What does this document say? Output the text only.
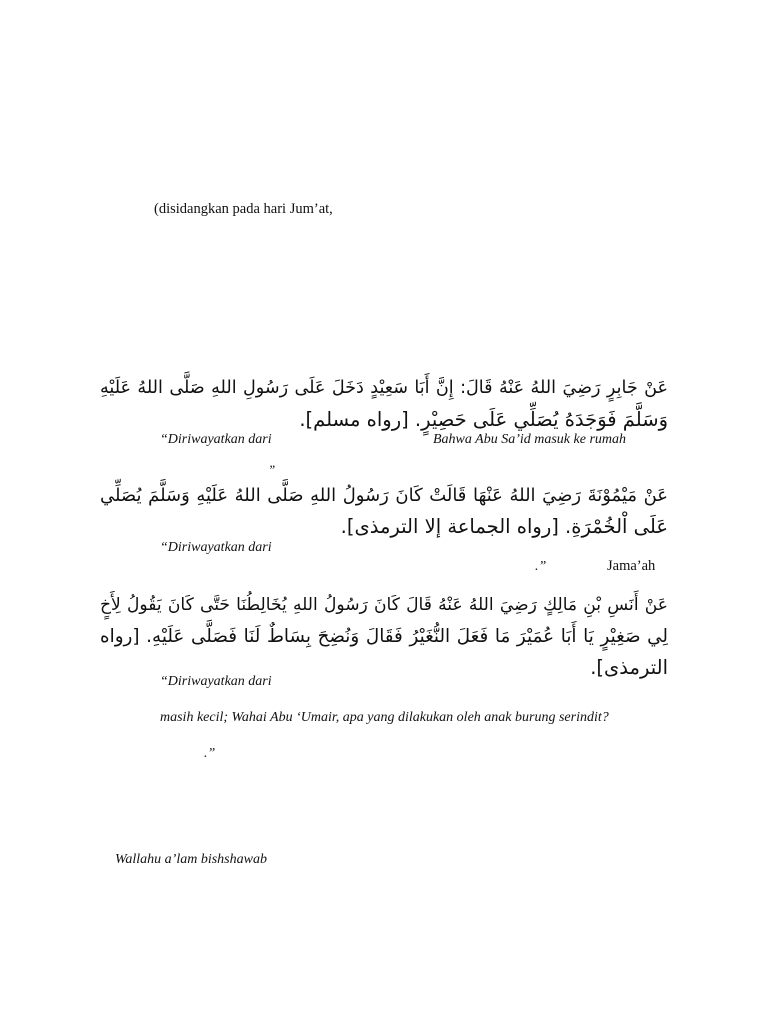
(disidangkan pada hari Jum’at,
عَنْ جَابِرٍ رَضِيَ اللهُ عَنْهُ قَالَ: إِنَّ أَبَا سَعِيْدٍ دَخَلَ عَلَى رَسُولِ اللهِ صَلَّى اللهُ عَلَيْهِ
وَسَلَّمَ فَوَجَدَهُ يُصَلِّي عَلَى حَصِيْرٍ. [رواه مسلم].
“Diriwayatkan dari	Bahwa Abu Sa’id masuk ke rumah
”
عَنْ مَيْمُوْنَةَ رَضِيَ اللهُ عَنْهَا قَالَتْ كَانَ رَسُولُ اللهِ صَلَّى اللهُ عَلَيْهِ وَسَلَّمَ يُصَلِّي
عَلَى اْلخُمْرَةِ. [رواه الجماعة إلا الترمذى].
“Diriwayatkan dari
.”	Jama’ah
عَنْ أَنَسِ بْنِ مَالِكٍ رَضِيَ اللهُ عَنْهُ قَالَ كَانَ رَسُولُ اللهِ يُخَالِطُنَا حَتَّى كَانَ يَقُولُ لِأَخٍ
لِي صَغِيْرٍ يَا أَبَا عُمَيْرَ مَا فَعَلَ النُّغَيْرُ فَقَالَ وَنُضِحَ بِسَاطٌ لَنَا فَصَلَّى عَلَيْهِ. [رواه
الترمذى].
“Diriwayatkan dari
masih kecil; Wahai Abu ‘Umair, apa yang dilakukan oleh anak burung serindit?
.”
Wallahu a’lam bishshawab
